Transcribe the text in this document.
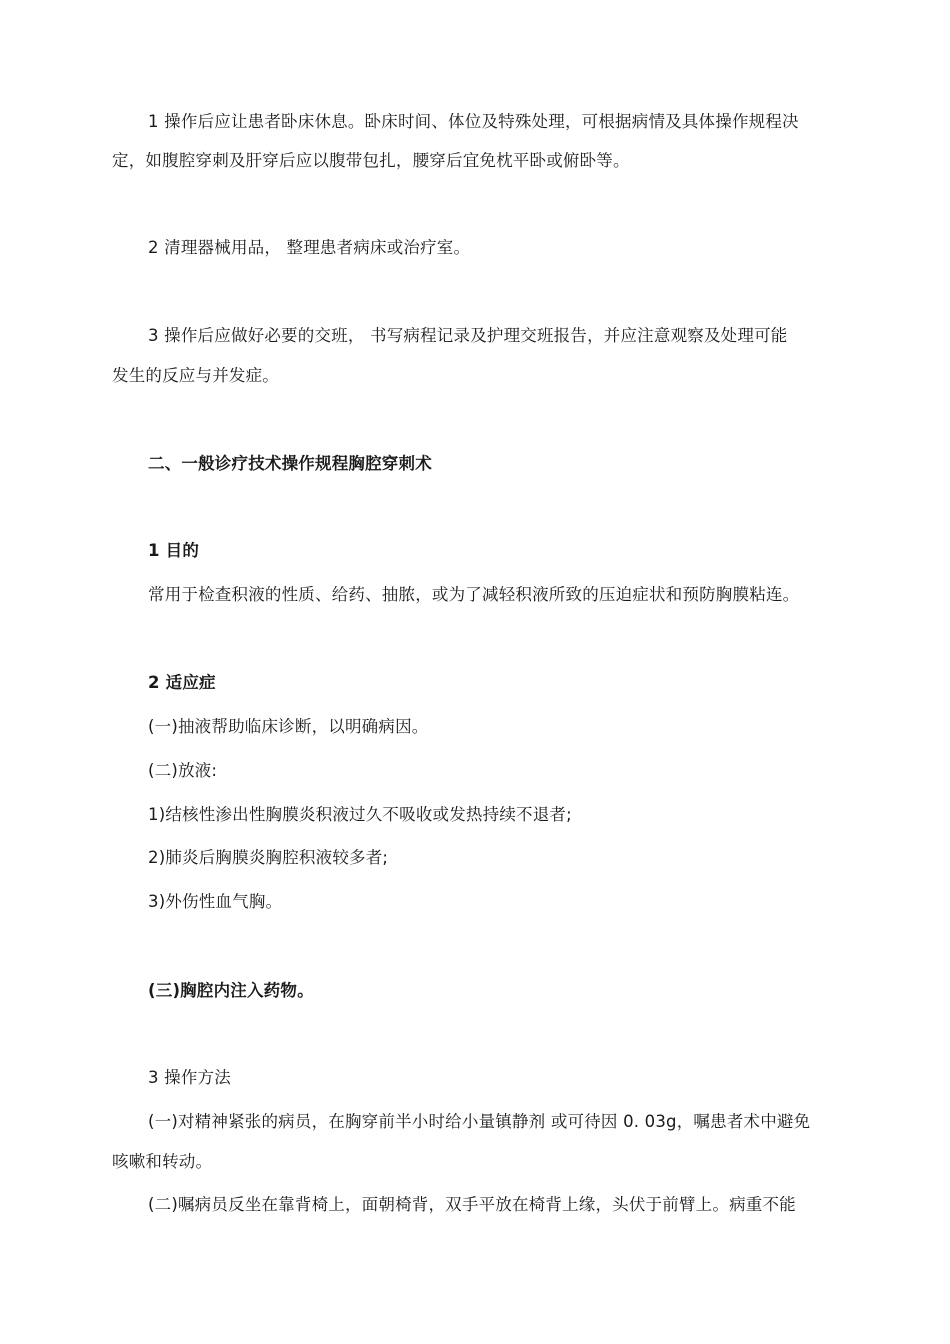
1 操作后应让患者卧床休息。卧床时间、体位及特殊处理，可根据病情及具体操作规程决
定，如腹腔穿刺及肝穿后应以腹带包扎，腰穿后宜免枕平卧或俯卧等。
2 清理器械用品， 整理患者病床或治疗室。
3 操作后应做好必要的交班， 书写病程记录及护理交班报告，并应注意观察及处理可能
发生的反应与并发症。
二、一般诊疗技术操作规程胸腔穿刺术
1 目的
常用于检查积液的性质、给药、抽脓，或为了减轻积液所致的压迫症状和预防胸膜粘连。
2 适应症
(一)抽液帮助临床诊断，以明确病因。
(二)放液:
1)结核性渗出性胸膜炎积液过久不吸收或发热持续不退者;
2)肺炎后胸膜炎胸腔积液较多者;
3)外伤性血气胸。
(三)胸腔内注入药物。
3 操作方法
(一)对精神紧张的病员，在胸穿前半小时给小量镇静剂 或可待因 0. 03g，嘱患者术中避免
咳嗽和转动。
(二)嘱病员反坐在靠背椅上，面朝椅背，双手平放在椅背上缘，头伏于前臂上。病重不能
